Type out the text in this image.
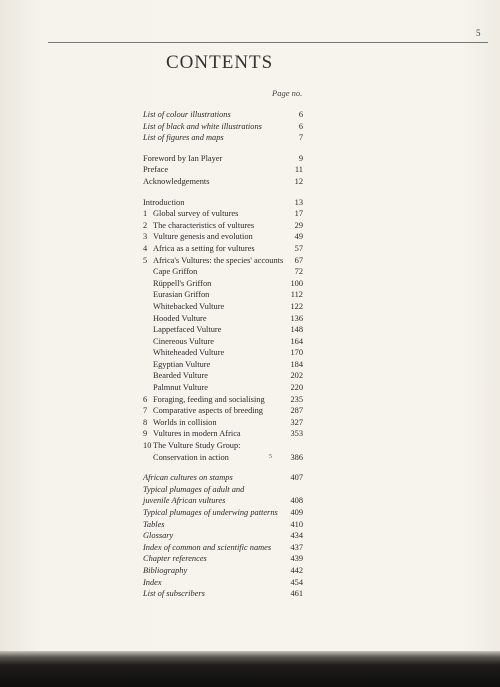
5
CONTENTS
Page no.
List of colour illustrations	6
List of black and white illustrations	6
List of figures and maps	7
Foreword by Ian Player	9
Preface	11
Acknowledgements	12
Introduction	13
1 Global survey of vultures	17
2 The characteristics of vultures	29
3 Vulture genesis and evolution	49
4 Africa as a setting for vultures	57
5 Africa's Vultures: the species' accounts 67
Cape Griffon	72
Rüppell's Griffon	100
Eurasian Griffon	112
Whitebacked Vulture	122
Hooded Vulture	136
Lappetfaced Vulture	148
Cinereous Vulture	164
Whiteheaded Vulture	170
Egyptian Vulture	184
Bearded Vulture	202
Palmnut Vulture	220
6 Foraging, feeding and socialising	235
7 Comparative aspects of breeding	287
8 Worlds in collision	327
9 Vultures in modern Africa	353
10 The Vulture Study Group:
Conservation in action	5 386
African cultures on stamps	407
Typical plumages of adult and
juvenile African vultures	408
Typical plumages of underwing patterns 409
Tables	410
Glossary	434
Index of common and scientific names 437
Chapter references	439
Bibliography	442
Index	454
List of subscribers	461
